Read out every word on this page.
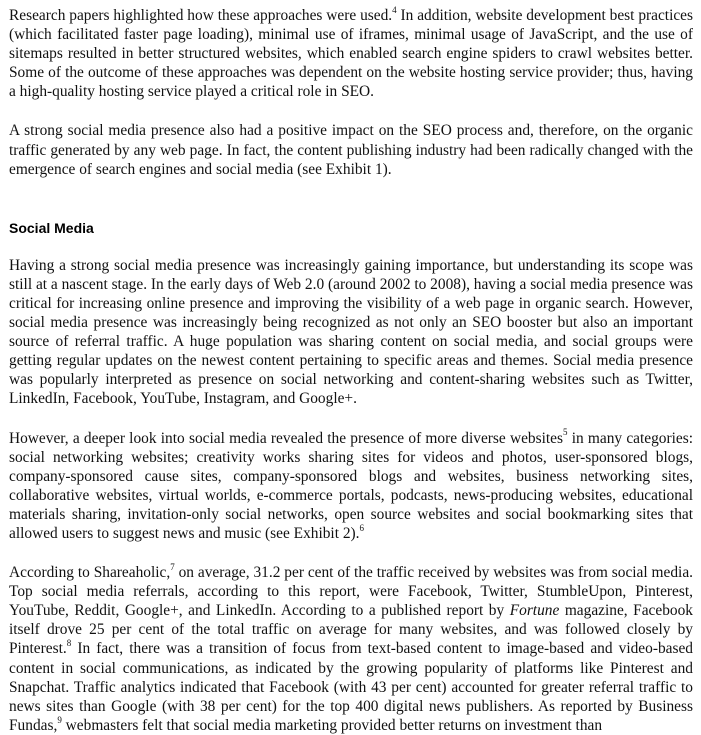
Research papers highlighted how these approaches were used.$^4$ In addition, website development best practices (which facilitated faster page loading), minimal use of iframes, minimal usage of JavaScript, and the use of sitemaps resulted in better structured websites, which enabled search engine spiders to crawl websites better. Some of the outcome of these approaches was dependent on the website hosting service provider; thus, having a high-quality hosting service played a critical role in SEO.

A strong social media presence also had a positive impact on the SEO process and, therefore, on the organic traffic generated by any web page. In fact, the content publishing industry had been radically changed with the emergence of search engines and social media (see Exhibit 1).

Social Media

Having a strong social media presence was increasingly gaining importance, but understanding its scope was still at a nascent stage. In the early days of Web 2.0 (around 2002 to 2008), having a social media presence was critical for increasing online presence and improving the visibility of a web page in organic search. However, social media presence was increasingly being recognized as not only an SEO booster but also an important source of referral traffic. A huge population was sharing content on social media, and social groups were getting regular updates on the newest content pertaining to specific areas and themes. Social media presence was popularly interpreted as presence on social networking and content-sharing websites such as Twitter, LinkedIn, Facebook, YouTube, Instagram, and Google+.

However, a deeper look into social media revealed the presence of more diverse websites$^5$ in many categories: social networking websites; creativity works sharing sites for videos and photos, user-sponsored blogs, company-sponsored cause sites, company-sponsored blogs and websites, business networking sites, collaborative websites, virtual worlds, e-commerce portals, podcasts, news-producing websites, educational materials sharing, invitation-only social networks, open source websites and social bookmarking sites that allowed users to suggest news and music (see Exhibit 2).$^6$

According to Shareaholic,$^7$ on average, 31.2 per cent of the traffic received by websites was from social media. Top social media referrals, according to this report, were Facebook, Twitter, StumbleUpon, Pinterest, YouTube, Reddit, Google+, and LinkedIn. According to a published report by Fortune magazine, Facebook itself drove 25 per cent of the total traffic on average for many websites, and was followed closely by Pinterest.$^8$ In fact, there was a transition of focus from text-based content to image-based and video-based content in social communications, as indicated by the growing popularity of platforms like Pinterest and Snapchat. Traffic analytics indicated that Facebook (with 43 per cent) accounted for greater referral traffic to news sites than Google (with 38 per cent) for the top 400 digital news publishers. As reported by Business Fundas,$^9$ webmasters felt that social media marketing provided better returns on investment than
